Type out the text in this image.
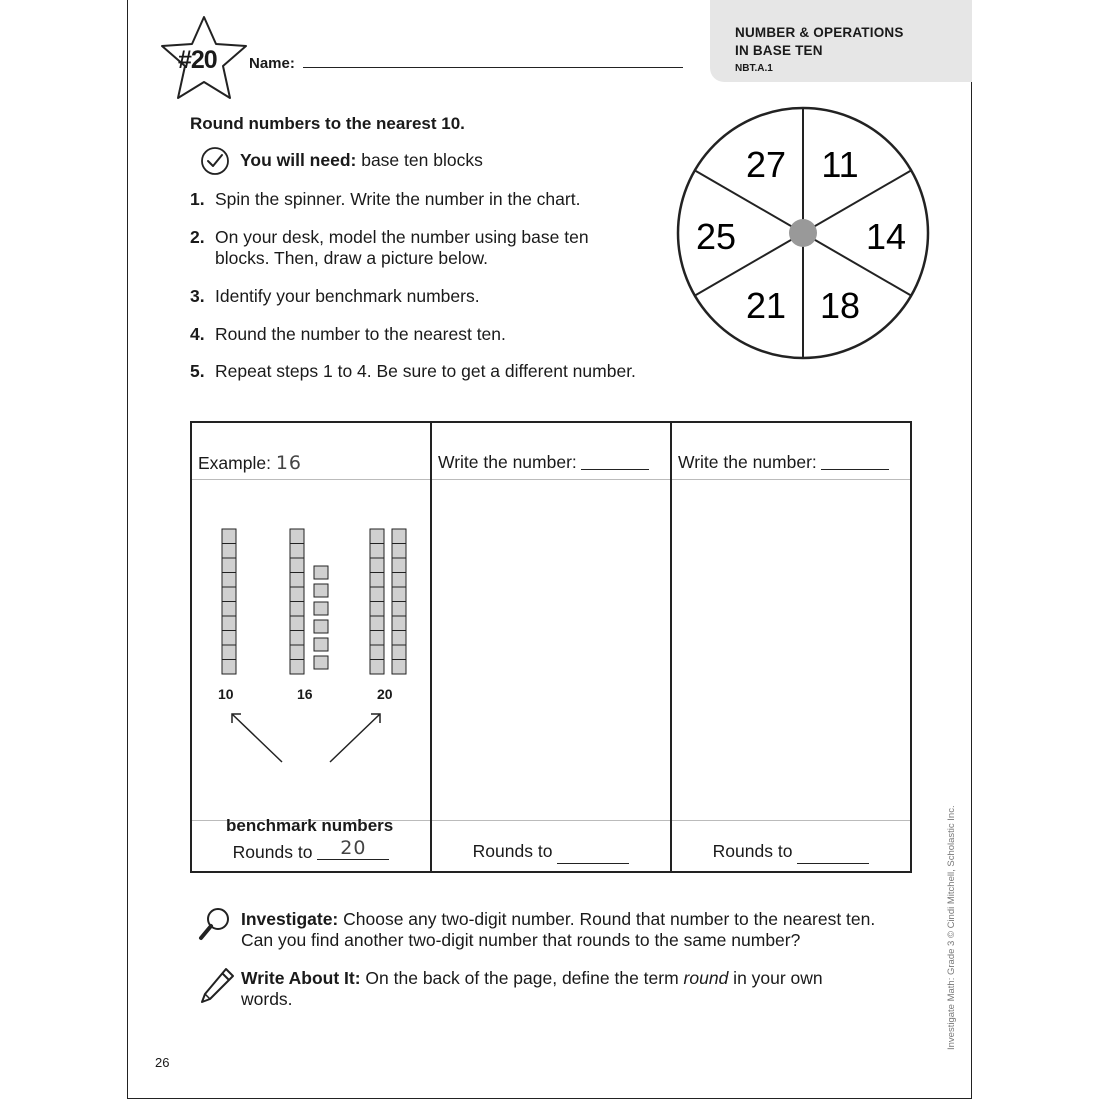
NUMBER & OPERATIONS
IN BASE TEN
NBT.A.1
#20 Name:
Round numbers to the nearest 10.
You will need: base ten blocks
1. Spin the spinner. Write the number in the chart.
2. On your desk, model the number using base ten blocks. Then, draw a picture below.
3. Identify your benchmark numbers.
4. Round the number to the nearest ten.
5. Repeat steps 1 to 4. Be sure to get a different number.
27 11
14
18
21
25
Example: 16	Write the number:	Write the number:

10 16 20
benchmark numbers		

Rounds to 20	Rounds to	Rounds to
Investigate: Choose any two-digit number. Round that number to the nearest ten. Can you find another two-digit number that rounds to the same number?
Write About It: On the back of the page, define the term round in your own words.	Investigate Math: Grade 3 © Cindi Mitchell, Scholastic Inc.
26
